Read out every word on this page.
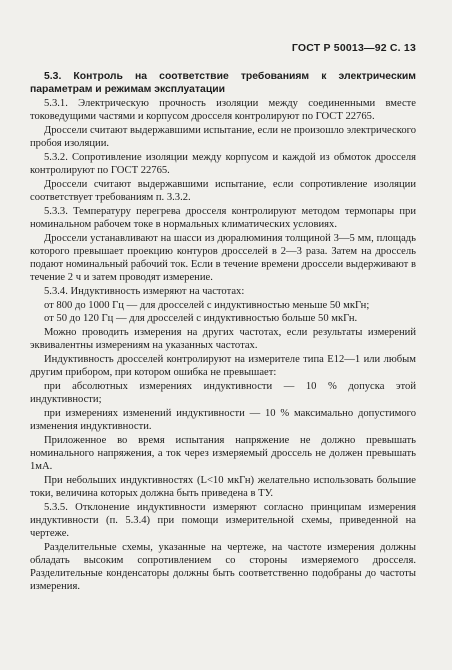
ГОСТ Р 50013—92 С. 13

5.3. Контроль на соответствие требованиям к электрическим параметрам и режимам эксплуатации

5.3.1. Электрическую прочность изоляции между соединенными вместе токоведущими частями и корпусом дросселя контролируют по ГОСТ 22765.

Дроссели считают выдержавшими испытание, если не произошло электрического пробоя изоляции.

5.3.2. Сопротивление изоляции между корпусом и каждой из обмоток дросселя контролируют по ГОСТ 22765.

Дроссели считают выдержавшими испытание, если сопротивление изоляции соответствует требованиям п. 3.3.2.

5.3.3. Температуру перегрева дросселя контролируют методом термопары при номинальном рабочем токе в нормальных климатических условиях.

Дроссели устанавливают на шасси из дюралюминия толщиной 3—5 мм, площадь которого превышает проекцию контуров дросселей в 2—3 раза. Затем на дроссель подают номинальный рабочий ток. Если в течение времени дроссели выдерживают в течение 2 ч и затем проводят измерение.

5.3.4. Индуктивность измеряют на частотах:

от 800 до 1000 Гц — для дросселей с индуктивностью меньше 50 мкГн;

от 50 до 120 Гц — для дросселей с индуктивностью больше 50 мкГн.

Можно проводить измерения на других частотах, если результаты измерений эквивалентны измерениям на указанных частотах.

Индуктивность дросселей контролируют на измерителе типа Е12—1 или любым другим прибором, при котором ошибка не превышает:

при абсолютных измерениях индуктивности — 10 % допуска этой индуктивности;

при измерениях изменений индуктивности — 10 % максимально допустимого изменения индуктивности.

Приложенное во время испытания напряжение не должно превышать номинального напряжения, а ток через измеряемый дроссель не должен превышать 1мА.

При небольших индуктивностях (L<10 мкГн) желательно использовать большие токи, величина которых должна быть приведена в ТУ.

5.3.5. Отклонение индуктивности измеряют согласно принципам измерения индуктивности (п. 5.3.4) при помощи измерительной схемы, приведенной на чертеже.

Разделительные схемы, указанные на чертеже, на частоте измерения должны обладать высоким сопротивлением со стороны измеряемого дросселя. Разделительные конденсаторы должны быть соответственно подобраны до частоты измерения.
